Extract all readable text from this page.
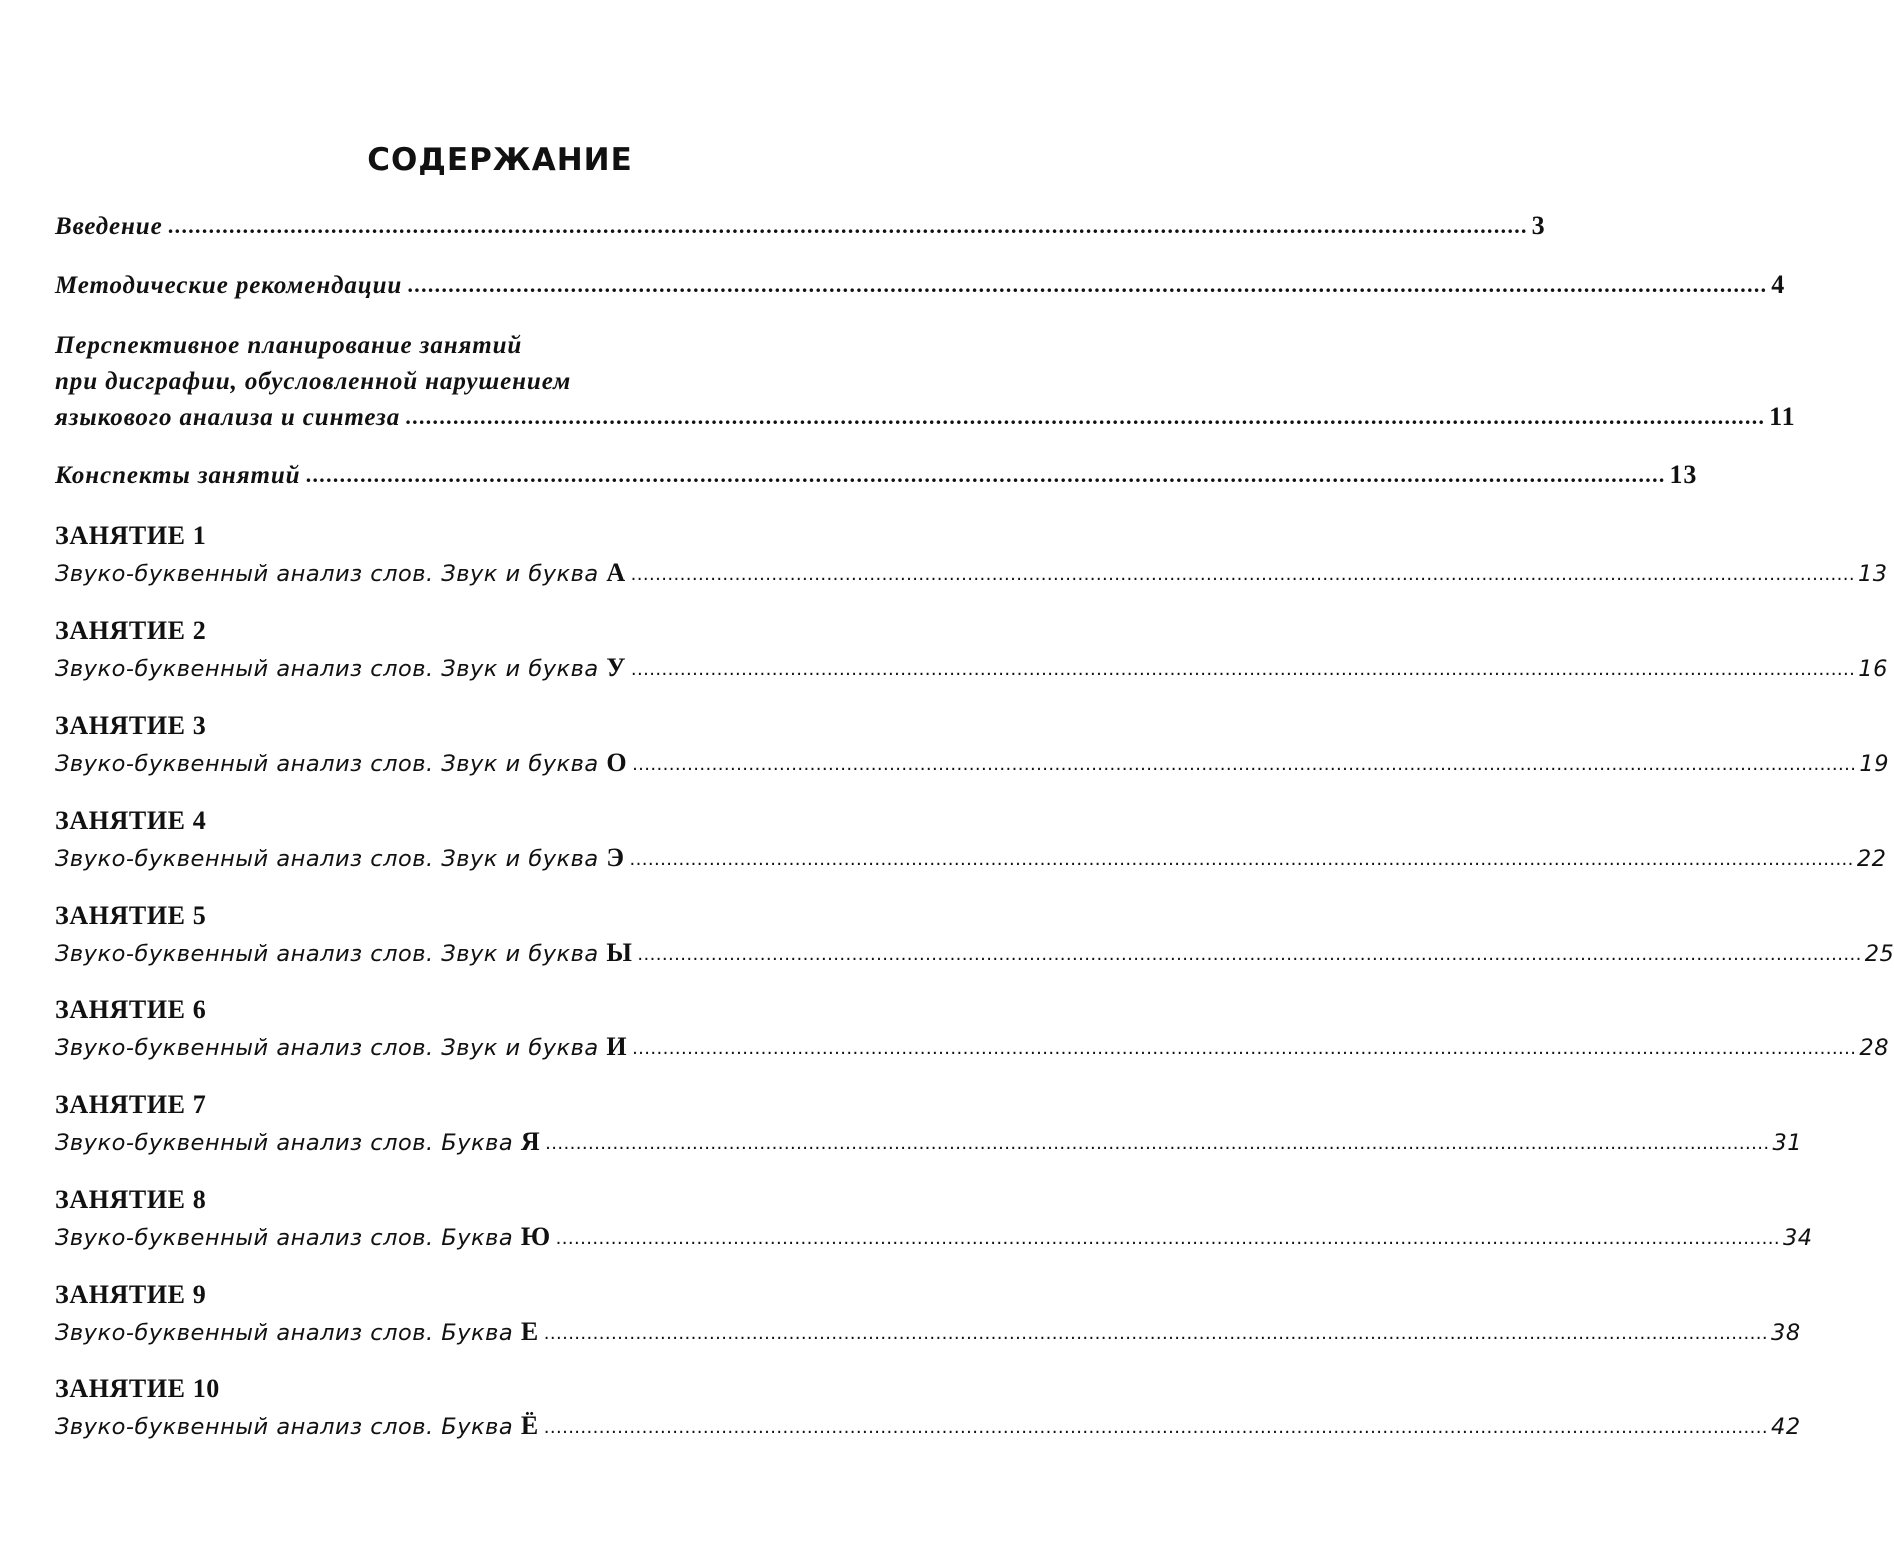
СОДЕРЖАНИЕ
Введение ........................................................................................................................................................................................................ 3
Методические рекомендации ........................................................................................................................................................................................................ 4
Перспективное планирование занятий
при дисграфии, обусловленной нарушением
языкового анализа и синтеза ........................................................................................................................................................................................................ 11
Конспекты занятий ........................................................................................................................................................................................................ 13
ЗАНЯТИЕ 1
Звуко-буквенный анализ слов. Звук и буква А ........................................................................................................................................................................................................ 13
ЗАНЯТИЕ 2
Звуко-буквенный анализ слов. Звук и буква У ........................................................................................................................................................................................................ 16
ЗАНЯТИЕ 3
Звуко-буквенный анализ слов. Звук и буква О ........................................................................................................................................................................................................ 19
ЗАНЯТИЕ 4
Звуко-буквенный анализ слов. Звук и буква Э ........................................................................................................................................................................................................ 22
ЗАНЯТИЕ 5
Звуко-буквенный анализ слов. Звук и буква Ы ........................................................................................................................................................................................................ 25
ЗАНЯТИЕ 6
Звуко-буквенный анализ слов. Звук и буква И ........................................................................................................................................................................................................ 28
ЗАНЯТИЕ 7
Звуко-буквенный анализ слов. Буква Я ........................................................................................................................................................................................................ 31
ЗАНЯТИЕ 8
Звуко-буквенный анализ слов. Буква Ю ........................................................................................................................................................................................................ 34
ЗАНЯТИЕ 9
Звуко-буквенный анализ слов. Буква Е ........................................................................................................................................................................................................ 38
ЗАНЯТИЕ 10
Звуко-буквенный анализ слов. Буква Ё ........................................................................................................................................................................................................ 42
